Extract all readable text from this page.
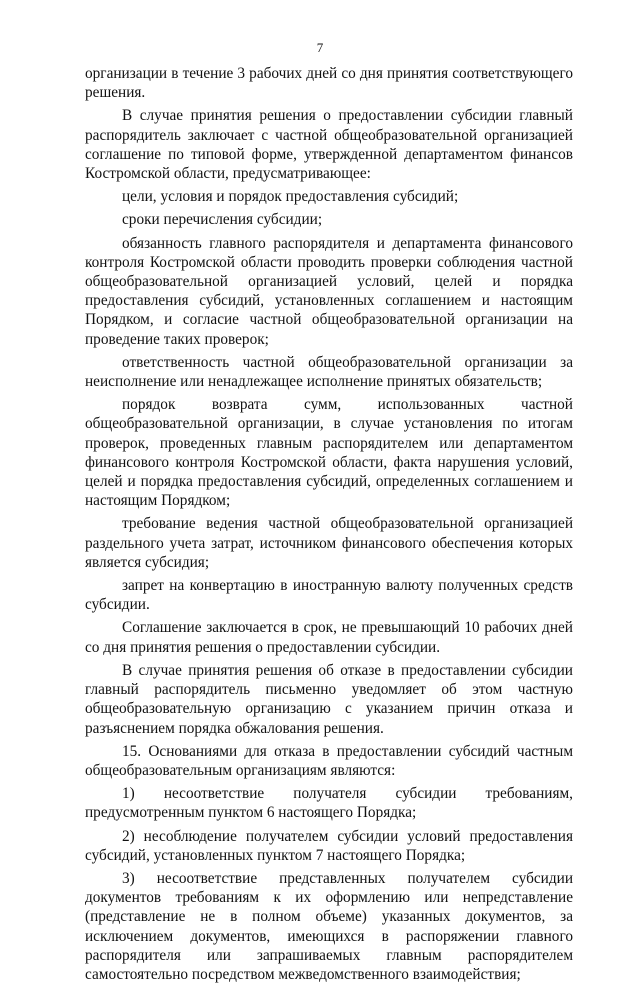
7

организации в течение 3 рабочих дней со дня принятия соответствующего решения.

В случае принятия решения о предоставлении субсидии главный распорядитель заключает с частной общеобразовательной организацией соглашение по типовой форме, утвержденной департаментом финансов Костромской области, предусматривающее:

цели, условия и порядок предоставления субсидий;

сроки перечисления субсидии;

обязанность главного распорядителя и департамента финансового контроля Костромской области проводить проверки соблюдения частной общеобразовательной организацией условий, целей и порядка предоставления субсидий, установленных соглашением и настоящим Порядком, и согласие частной общеобразовательной организации на проведение таких проверок;

ответственность частной общеобразовательной организации за неисполнение или ненадлежащее исполнение принятых обязательств;

порядок возврата сумм, использованных частной общеобразовательной организации, в случае установления по итогам проверок, проведенных главным распорядителем или департаментом финансового контроля Костромской области, факта нарушения условий, целей и порядка предоставления субсидий, определенных соглашением и настоящим Порядком;

требование ведения частной общеобразовательной организацией раздельного учета затрат, источником финансового обеспечения которых является субсидия;

запрет на конвертацию в иностранную валюту полученных средств субсидии.

Соглашение заключается в срок, не превышающий 10 рабочих дней со дня принятия решения о предоставлении субсидии.

В случае принятия решения об отказе в предоставлении субсидии главный распорядитель письменно уведомляет об этом частную общеобразовательную организацию с указанием причин отказа и разъяснением порядка обжалования решения.

15. Основаниями для отказа в предоставлении субсидий частным общеобразовательным организациям являются:

1) несоответствие получателя субсидии требованиям, предусмотренным пунктом 6 настоящего Порядка;

2) несоблюдение получателем субсидии условий предоставления субсидий, установленных пунктом 7 настоящего Порядка;

3) несоответствие представленных получателем субсидии документов требованиям к их оформлению или непредставление (представление не в полном объеме) указанных документов, за исключением документов, имеющихся в распоряжении главного распорядителя или запрашиваемых главным распорядителем самостоятельно посредством межведомственного взаимодействия;
